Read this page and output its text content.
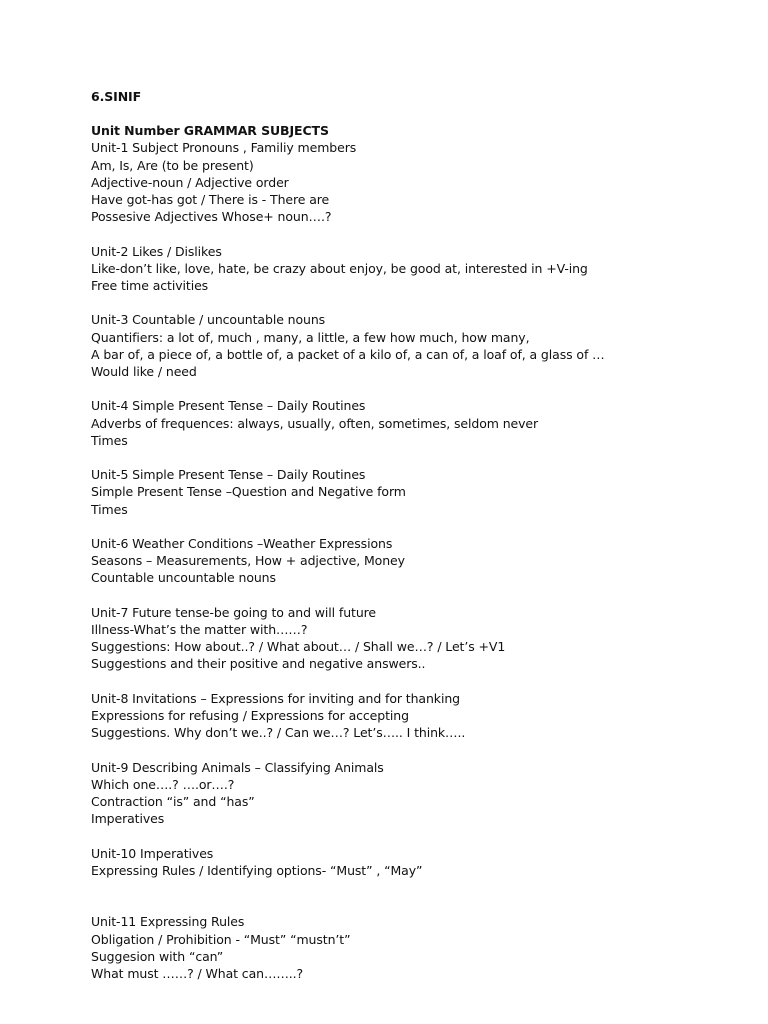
6.SINIF
Unit Number GRAMMAR SUBJECTS
Unit-1 Subject Pronouns , Familiy members
Am, Is, Are (to be present)
Adjective-noun / Adjective order
Have got-has got / There is - There are
Possesive Adjectives Whose+ noun….?
Unit-2 Likes / Dislikes
Like-don’t like, love, hate, be crazy about enjoy, be good at, interested in +V-ing
Free time activities
Unit-3 Countable / uncountable nouns
Quantifiers: a lot of, much , many, a little, a few how much, how many,
A bar of, a piece of, a bottle of, a packet of a kilo of, a can of, a loaf of, a glass of …
Would like / need
Unit-4 Simple Present Tense – Daily Routines
Adverbs of frequences: always, usually, often, sometimes, seldom never
Times
Unit-5 Simple Present Tense – Daily Routines
Simple Present Tense –Question and Negative form
Times
Unit-6 Weather Conditions –Weather Expressions
Seasons – Measurements, How + adjective, Money
Countable uncountable nouns
Unit-7 Future tense-be going to and will future
Illness-What’s the matter with……?
Suggestions: How about..? / What about… / Shall we…? / Let’s +V1
Suggestions and their positive and negative answers..
Unit-8 Invitations – Expressions for inviting and for thanking
Expressions for refusing / Expressions for accepting
Suggestions. Why don’t we..? / Can we…? Let’s….. I think…..
Unit-9 Describing Animals – Classifying Animals
Which one….? ….or….?
Contraction “is” and “has”
Imperatives
Unit-10 Imperatives
Expressing Rules / Identifying options- “Must” , “May”
Unit-11 Expressing Rules
Obligation / Prohibition - “Must” “mustn’t”
Suggesion with “can”
What must ……? / What can……..?
